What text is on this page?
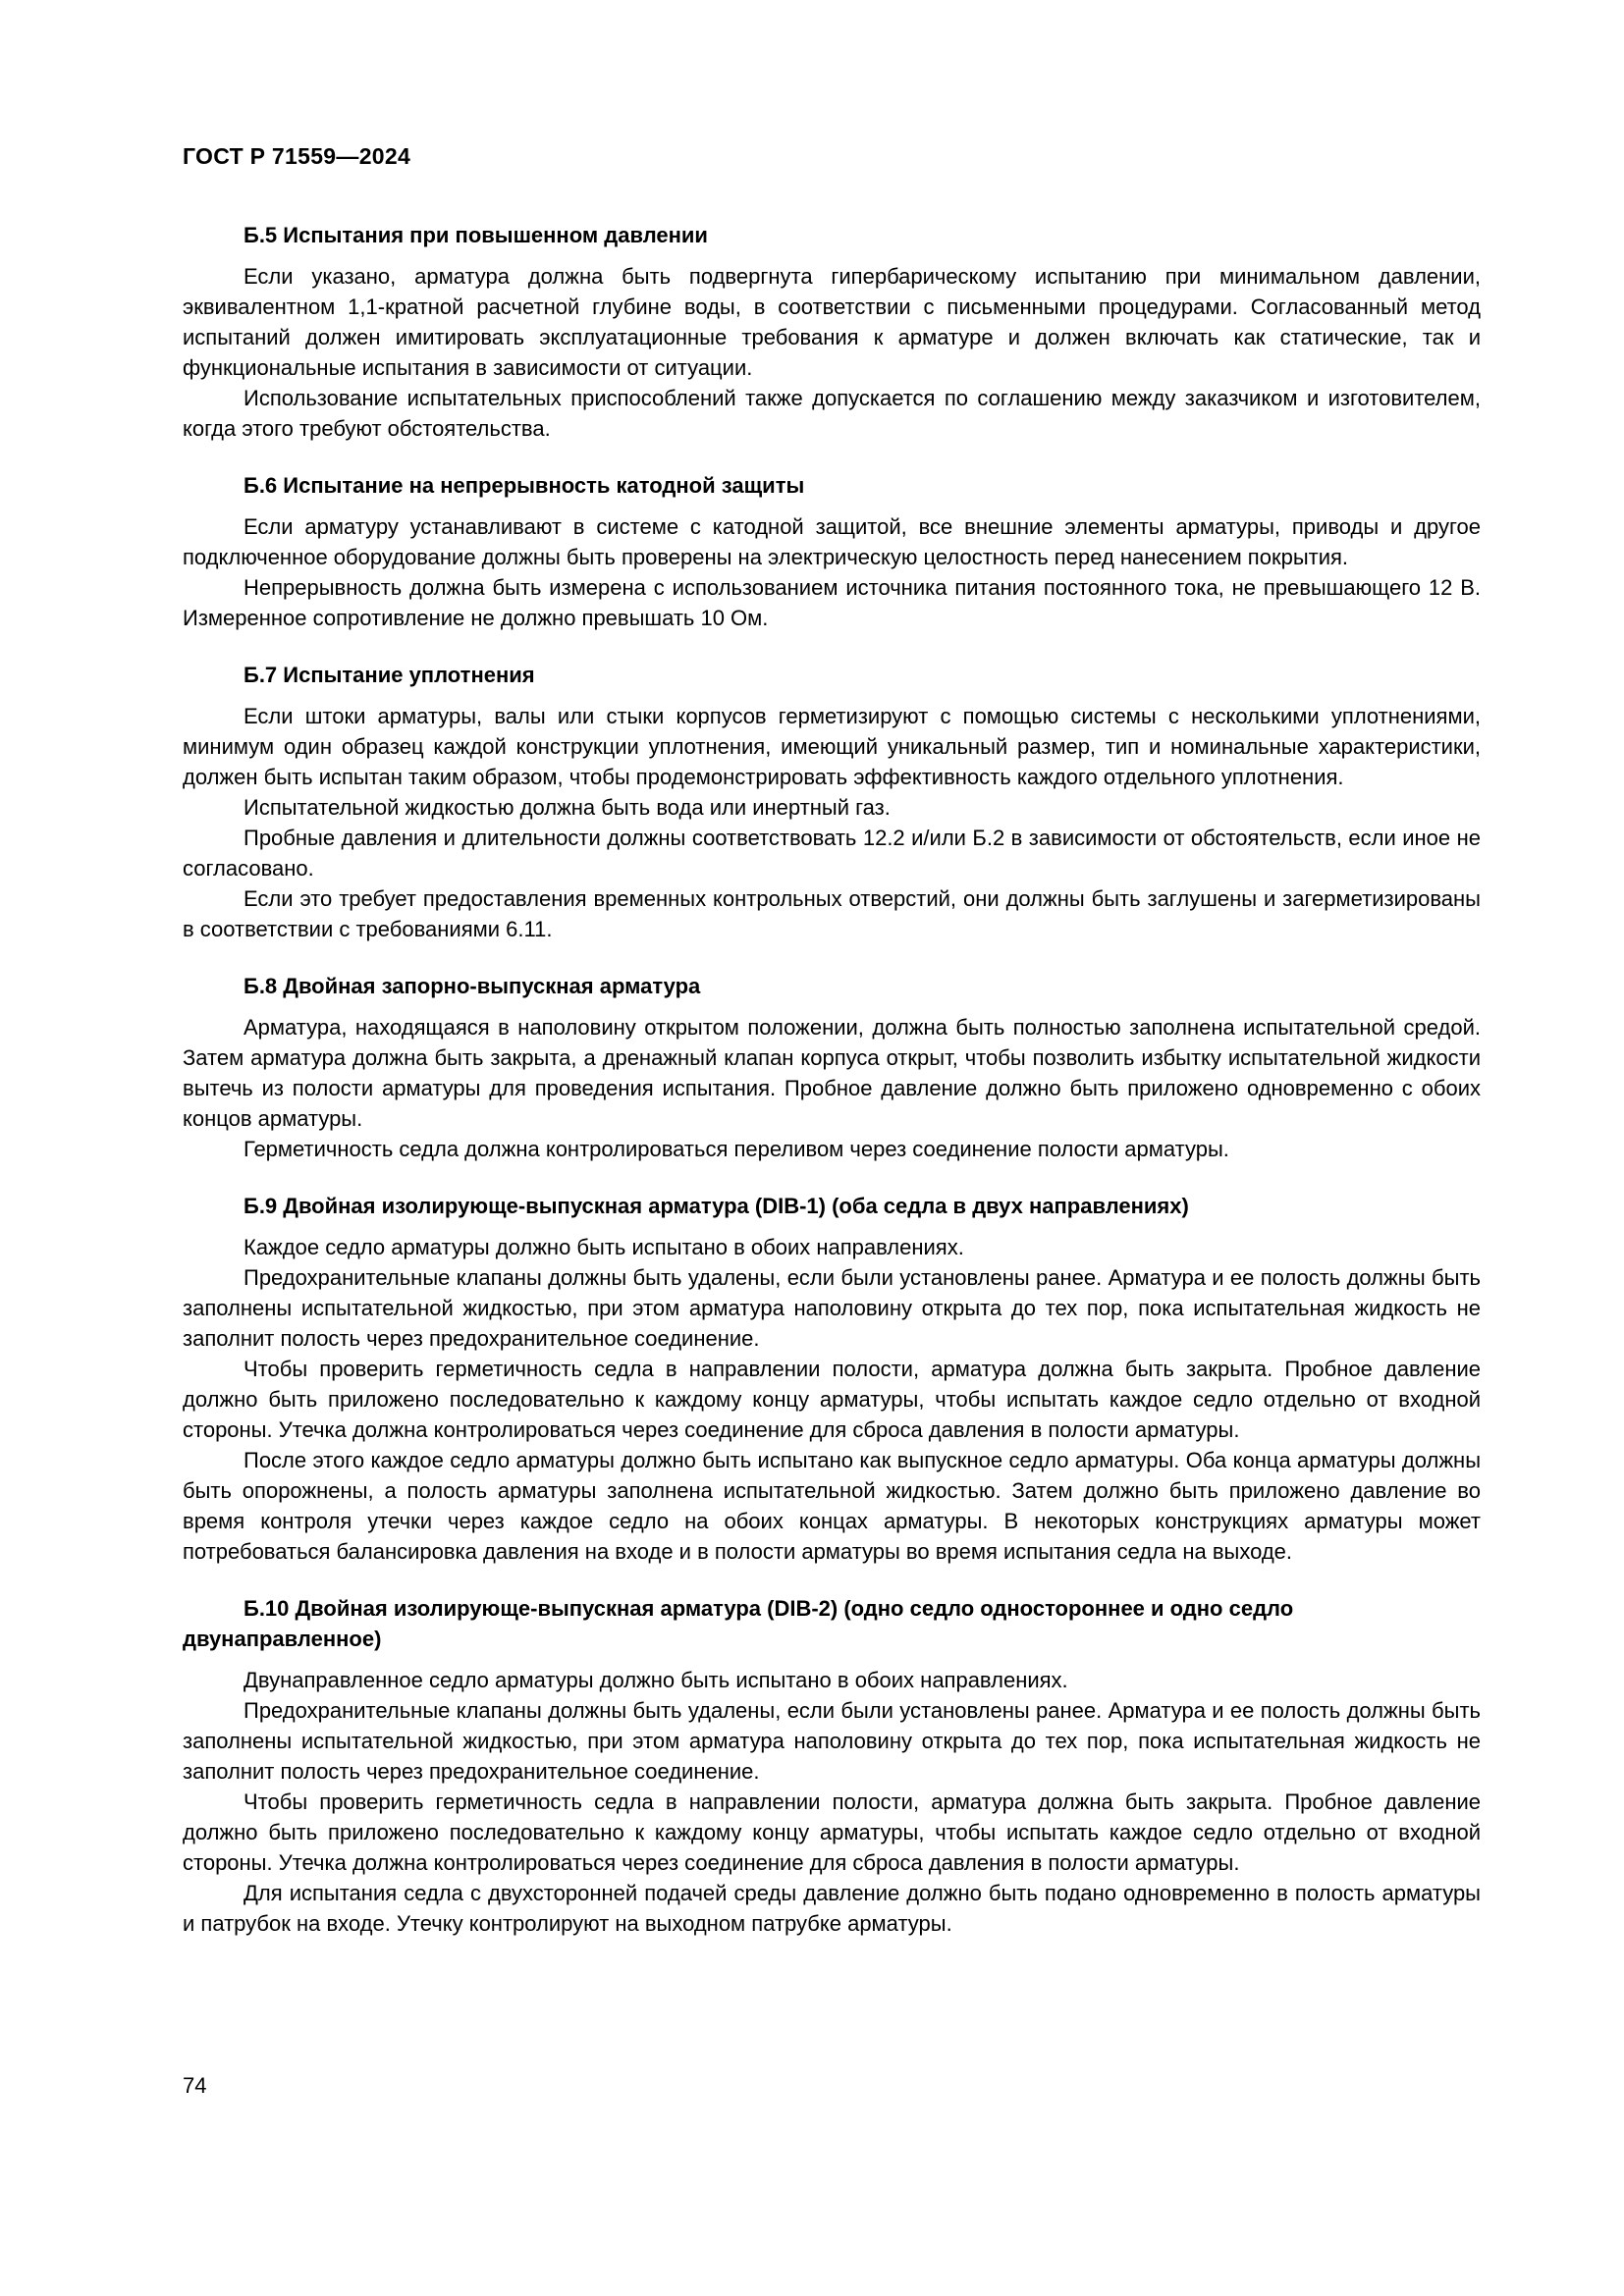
ГОСТ Р 71559—2024
Б.5 Испытания при повышенном давлении

Если указано, арматура должна быть подвергнута гипербарическому испытанию при минимальном давлении, эквивалентном 1,1-кратной расчетной глубине воды, в соответствии с письменными процедурами. Согласованный метод испытаний должен имитировать эксплуатационные требования к арматуре и должен включать как статические, так и функциональные испытания в зависимости от ситуации.

Использование испытательных приспособлений также допускается по соглашению между заказчиком и изготовителем, когда этого требуют обстоятельства.

Б.6 Испытание на непрерывность катодной защиты

Если арматуру устанавливают в системе с катодной защитой, все внешние элементы арматуры, приводы и другое подключенное оборудование должны быть проверены на электрическую целостность перед нанесением покрытия.

Непрерывность должна быть измерена с использованием источника питания постоянного тока, не превышающего 12 В. Измеренное сопротивление не должно превышать 10 Ом.

Б.7 Испытание уплотнения

Если штоки арматуры, валы или стыки корпусов герметизируют с помощью системы с несколькими уплотнениями, минимум один образец каждой конструкции уплотнения, имеющий уникальный размер, тип и номинальные характеристики, должен быть испытан таким образом, чтобы продемонстрировать эффективность каждого отдельного уплотнения.

Испытательной жидкостью должна быть вода или инертный газ.

Пробные давления и длительности должны соответствовать 12.2 и/или Б.2 в зависимости от обстоятельств, если иное не согласовано.

Если это требует предоставления временных контрольных отверстий, они должны быть заглушены и загерметизированы в соответствии с требованиями 6.11.

Б.8 Двойная запорно-выпускная арматура

Арматура, находящаяся в наполовину открытом положении, должна быть полностью заполнена испытательной средой. Затем арматура должна быть закрыта, а дренажный клапан корпуса открыт, чтобы позволить избытку испытательной жидкости вытечь из полости арматуры для проведения испытания. Пробное давление должно быть приложено одновременно с обоих концов арматуры.

Герметичность седла должна контролироваться переливом через соединение полости арматуры.

Б.9 Двойная изолирующе-выпускная арматура (DIB-1) (оба седла в двух направлениях)

Каждое седло арматуры должно быть испытано в обоих направлениях.

Предохранительные клапаны должны быть удалены, если были установлены ранее. Арматура и ее полость должны быть заполнены испытательной жидкостью, при этом арматура наполовину открыта до тех пор, пока испытательная жидкость не заполнит полость через предохранительное соединение.

Чтобы проверить герметичность седла в направлении полости, арматура должна быть закрыта. Пробное давление должно быть приложено последовательно к каждому концу арматуры, чтобы испытать каждое седло отдельно от входной стороны. Утечка должна контролироваться через соединение для сброса давления в полости арматуры.

После этого каждое седло арматуры должно быть испытано как выпускное седло арматуры. Оба конца арматуры должны быть опорожнены, а полость арматуры заполнена испытательной жидкостью. Затем должно быть приложено давление во время контроля утечки через каждое седло на обоих концах арматуры. В некоторых конструкциях арматуры может потребоваться балансировка давления на входе и в полости арматуры во время испытания седла на выходе.

Б.10 Двойная изолирующе-выпускная арматура (DIB-2) (одно седло одностороннее и одно седло двунаправленное)

Двунаправленное седло арматуры должно быть испытано в обоих направлениях.

Предохранительные клапаны должны быть удалены, если были установлены ранее. Арматура и ее полость должны быть заполнены испытательной жидкостью, при этом арматура наполовину открыта до тех пор, пока испытательная жидкость не заполнит полость через предохранительное соединение.

Чтобы проверить герметичность седла в направлении полости, арматура должна быть закрыта. Пробное давление должно быть приложено последовательно к каждому концу арматуры, чтобы испытать каждое седло отдельно от входной стороны. Утечка должна контролироваться через соединение для сброса давления в полости арматуры.

Для испытания седла с двухсторонней подачей среды давление должно быть подано одновременно в полость арматуры и патрубок на входе. Утечку контролируют на выходном патрубке арматуры.

74
